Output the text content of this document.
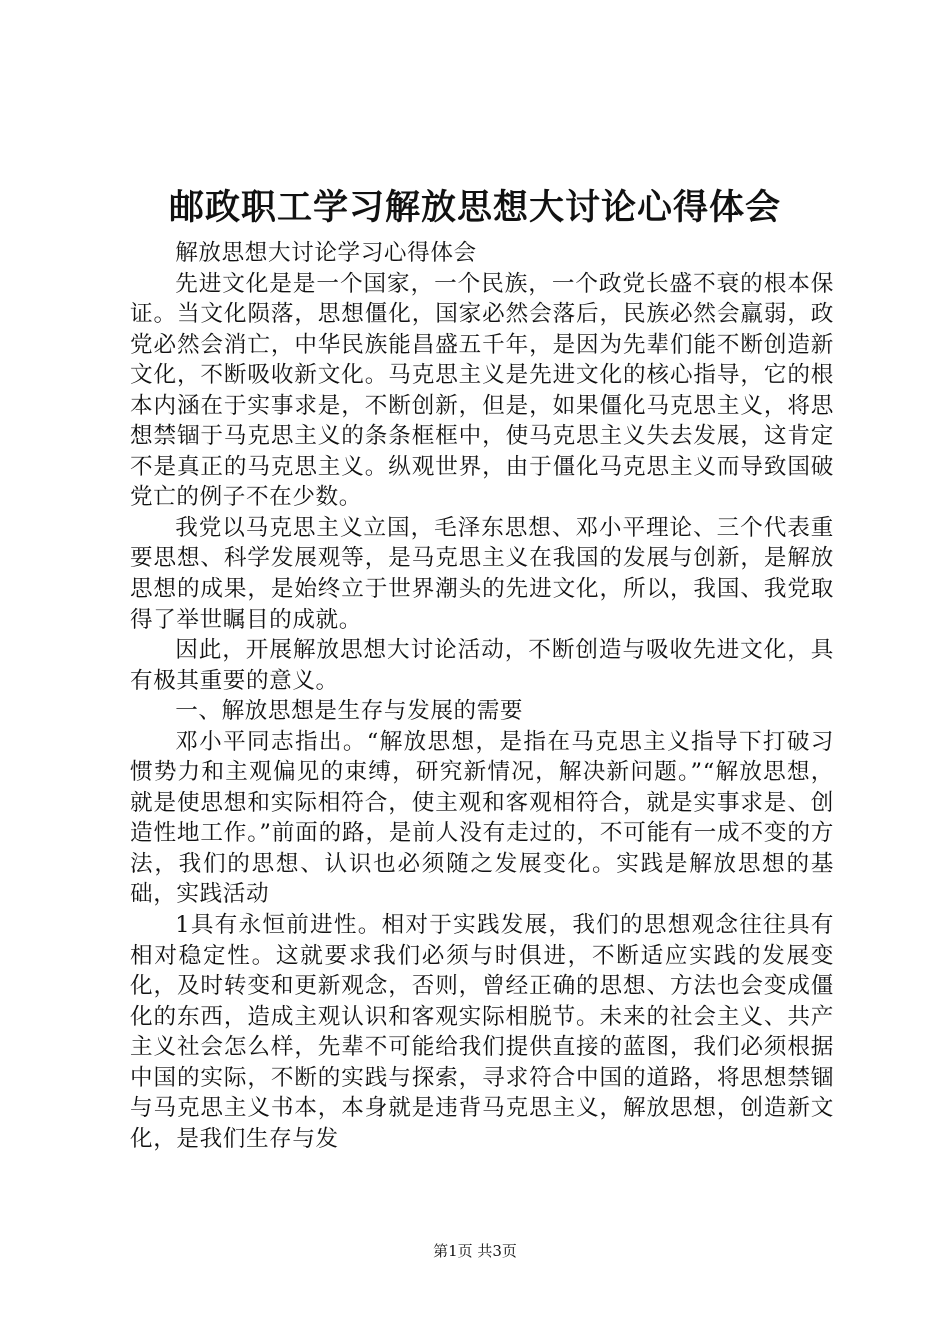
邮政职工学习解放思想大讨论心得体会

解放思想大讨论学习心得体会

先进文化是是一个国家，一个民族，一个政党长盛不衰的根本保证。当文化陨落，思想僵化，国家必然会落后，民族必然会羸弱，政党必然会消亡，中华民族能昌盛五千年，是因为先辈们能不断创造新文化，不断吸收新文化。马克思主义是先进文化的核心指导，它的根本内涵在于实事求是，不断创新，但是，如果僵化马克思主义，将思想禁锢于马克思主义的条条框框中，使马克思主义失去发展，这肯定不是真正的马克思主义。纵观世界，由于僵化马克思主义而导致国破党亡的例子不在少数。

我党以马克思主义立国，毛泽东思想、邓小平理论、三个代表重要思想、科学发展观等，是马克思主义在我国的发展与创新，是解放思想的成果，是始终立于世界潮头的先进文化，所以，我国、我党取得了举世瞩目的成就。

因此，开展解放思想大讨论活动，不断创造与吸收先进文化，具有极其重要的意义。

一、解放思想是生存与发展的需要

邓小平同志指出。“解放思想，是指在马克思主义指导下打破习惯势力和主观偏见的束缚，研究新情况，解决新问题。”“解放思想，就是使思想和实际相符合，使主观和客观相符合，就是实事求是、创造性地工作。”前面的路，是前人没有走过的，不可能有一成不变的方法，我们的思想、认识也必须随之发展变化。实践是解放思想的基础，实践活动

1具有永恒前进性。相对于实践发展，我们的思想观念往往具有相对稳定性。这就要求我们必须与时俱进，不断适应实践的发展变化，及时转变和更新观念，否则，曾经正确的思想、方法也会变成僵化的东西，造成主观认识和客观实际相脱节。未来的社会主义、共产主义社会怎么样，先辈不可能给我们提供直接的蓝图，我们必须根据中国的实际，不断的实践与探索，寻求符合中国的道路，将思想禁锢与马克思主义书本，本身就是违背马克思主义，解放思想，创造新文化，是我们生存与发

第1页 共3页
